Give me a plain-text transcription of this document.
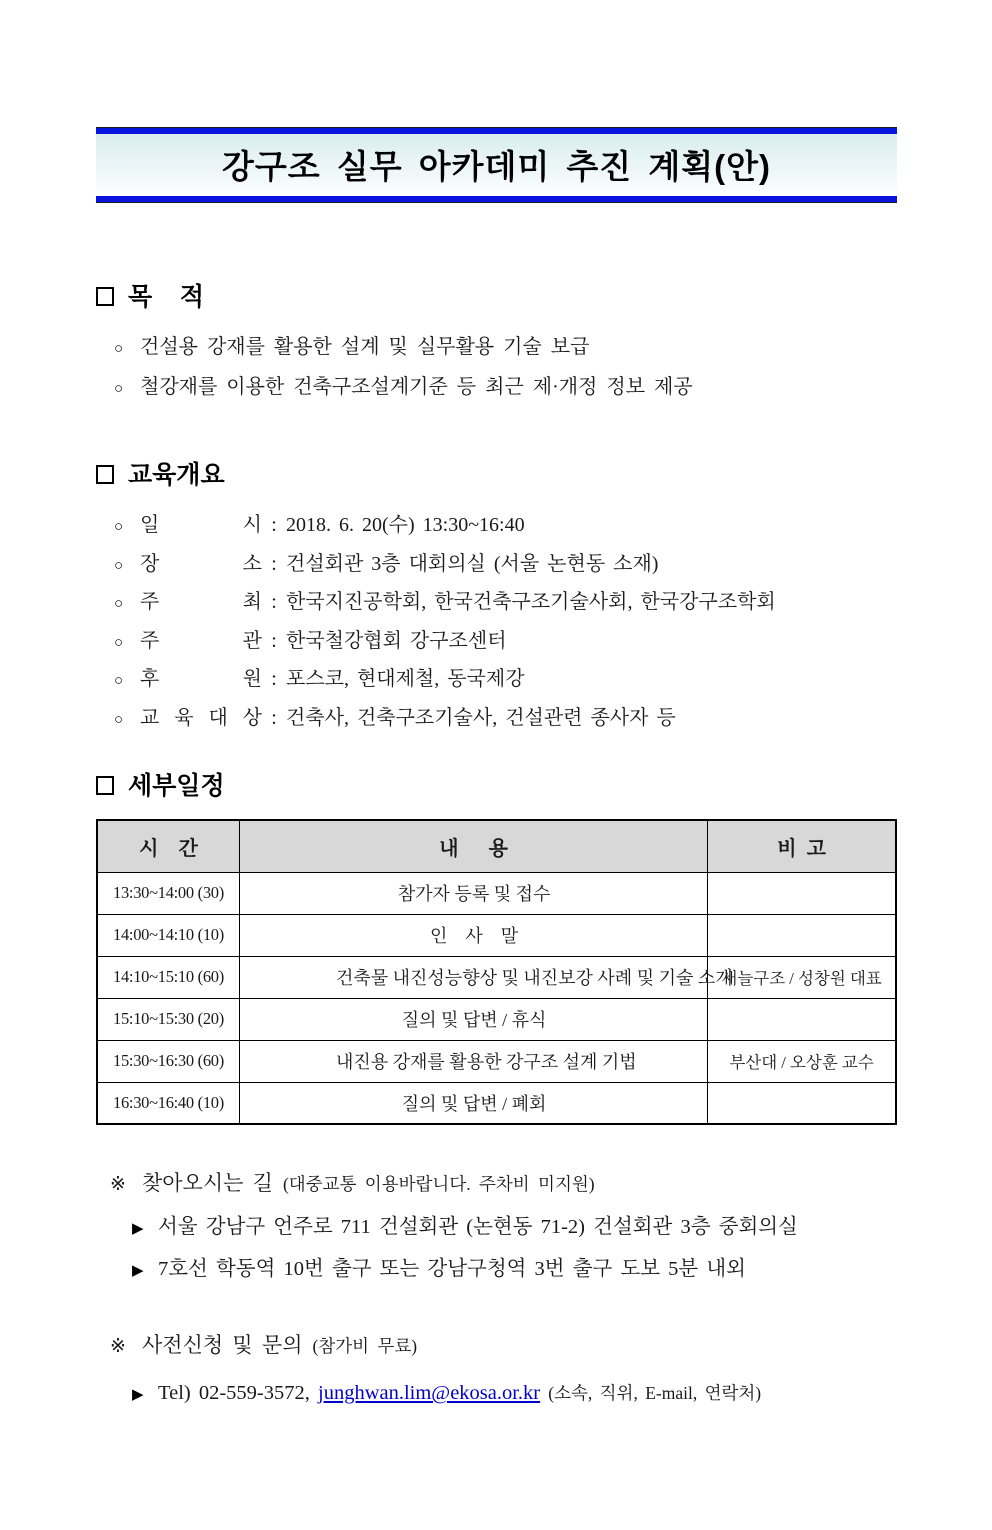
강구조 실무 아카데미 추진 계획(안)
목    적
○ 건설용 강재를 활용한 설계 및 실무활용 기술 보급
○ 철강재를 이용한 건축구조설계기준 등 최근 제·개정 정보 제공
교육개요
○ 일	시 : 2018. 6. 20(수) 13:30~16:40
○ 장	소 : 건설회관 3층 대회의실 (서울 논현동 소재)
○ 주	최 : 한국지진공학회, 한국건축구조기술사회, 한국강구조학회
○ 주	관 : 한국철강협회 강구조센터
○ 후	원 : 포스코, 현대제철, 동국제강
○ 교 육 대 상 : 건축사, 건축구조기술사, 건설관련 종사자 등
세부일정
시    간	내      용	비  고
13:30~14:00 (30)	참가자 등록 및 접수	
14:00~14:10 (10)	인    사    말	
14:10~15:10 (60)	건축물 내진성능향상 및 내진보강 사례 및 기술 소개	새늘구조 / 성창원 대표
15:10~15:30 (20)	질의 및 답변 / 휴식	
15:30~16:30 (60)	내진용 강재를 활용한 강구조 설계 기법	부산대 / 오상훈 교수
16:30~16:40 (10)	질의 및 답변 / 폐회	
※ 찾아오시는 길 (대중교통 이용바랍니다. 주차비 미지원)
▶ 서울 강남구 언주로 711 건설회관 (논현동 71-2) 건설회관 3층 중회의실
▶ 7호선 학동역 10번 출구 또는 강남구청역 3번 출구 도보 5분 내외
※ 사전신청 및 문의 (참가비 무료)
▶ Tel) 02-559-3572, junghwan.lim@ekosa.or.kr (소속, 직위, E-mail, 연락처)
